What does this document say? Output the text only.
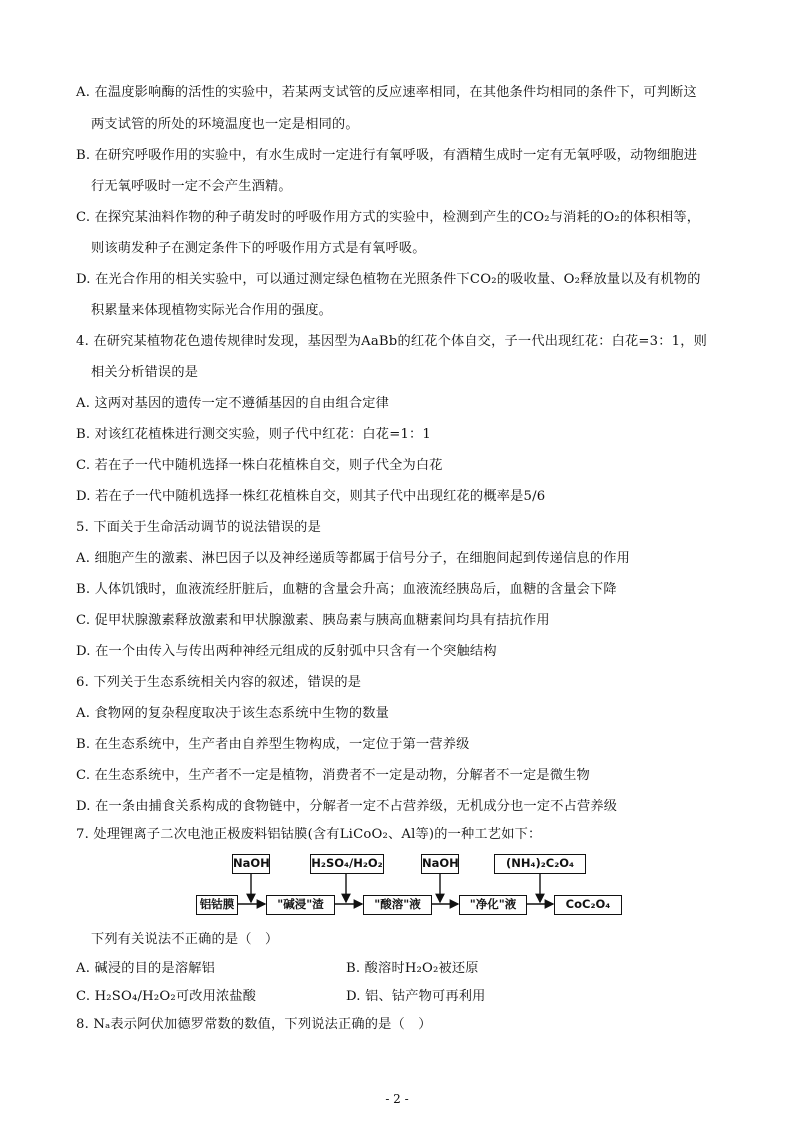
A. 在温度影响酶的活性的实验中，若某两支试管的反应速率相同，在其他条件均相同的条件下，可判断这
两支试管的所处的环境温度也一定是相同的。
B. 在研究呼吸作用的实验中，有水生成时一定进行有氧呼吸，有酒精生成时一定有无氧呼吸，动物细胞进
行无氧呼吸时一定不会产生酒精。
C. 在探究某油料作物的种子萌发时的呼吸作用方式的实验中，检测到产生的CO₂与消耗的O₂的体积相等，
则该萌发种子在测定条件下的呼吸作用方式是有氧呼吸。
D. 在光合作用的相关实验中，可以通过测定绿色植物在光照条件下CO₂的吸收量、O₂释放量以及有机物的
积累量来体现植物实际光合作用的强度。
4. 在研究某植物花色遗传规律时发现，基因型为AaBb的红花个体自交，子一代出现红花：白花=3：1，则
相关分析错误的是
A. 这两对基因的遗传一定不遵循基因的自由组合定律
B. 对该红花植株进行测交实验，则子代中红花：白花=1：1
C. 若在子一代中随机选择一株白花植株自交，则子代全为白花
D. 若在子一代中随机选择一株红花植株自交，则其子代中出现红花的概率是5/6
5. 下面关于生命活动调节的说法错误的是
A. 细胞产生的激素、淋巴因子以及神经递质等都属于信号分子，在细胞间起到传递信息的作用
B. 人体饥饿时，血液流经肝脏后，血糖的含量会升高；血液流经胰岛后，血糖的含量会下降
C. 促甲状腺激素释放激素和甲状腺激素、胰岛素与胰高血糖素间均具有拮抗作用
D. 在一个由传入与传出两种神经元组成的反射弧中只含有一个突触结构
6. 下列关于生态系统相关内容的叙述，错误的是
A. 食物网的复杂程度取决于该生态系统中生物的数量
B. 在生态系统中，生产者由自养型生物构成，一定位于第一营养级
C. 在生态系统中，生产者不一定是植物，消费者不一定是动物，分解者不一定是微生物
D. 在一条由捕食关系构成的食物链中，分解者一定不占营养级，无机成分也一定不占营养级
7. 处理锂离子二次电池正极废料铝钴膜(含有LiCoO₂、Al等)的一种工艺如下：
NaOH	H₂SO₄/H₂O₂	NaOH	(NH₄)₂C₂O₄
铝钴膜	"碱浸"渣	"酸溶"液	"净化"液	CoC₂O₄
下列有关说法不正确的是（　）
A. 碱浸的目的是溶解铝	B. 酸溶时H₂O₂被还原
C. H₂SO₄/H₂O₂可改用浓盐酸	D. 铝、钴产物可再利用
8. Nₐ表示阿伏加德罗常数的数值，下列说法正确的是（　）
- 2 -
